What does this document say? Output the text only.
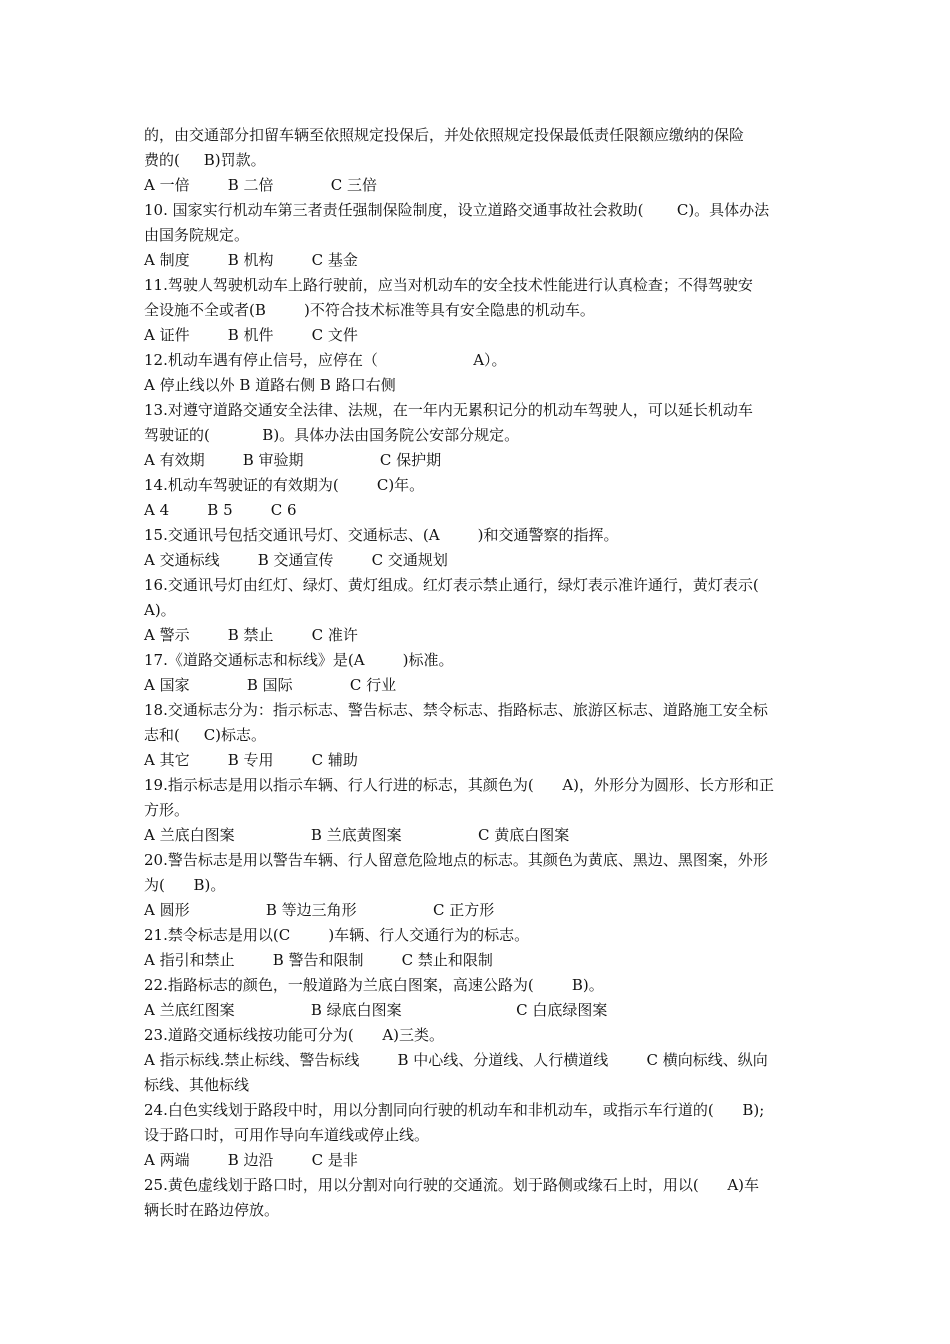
的，由交通部分扣留车辆至依照规定投保后，并处依照规定投保最低责任限额应缴纳的保险
费的(     B)罚款。
A 一倍        B 二倍            C 三倍
10. 国家实行机动车第三者责任强制保险制度，设立道路交通事故社会救助(       C)。具体办法
由国务院规定。
A 制度        B 机构        C 基金
11.驾驶人驾驶机动车上路行驶前，应当对机动车的安全技术性能进行认真检查；不得驾驶安
全设施不全或者(B        )不符合技术标准等具有安全隐患的机动车。
A 证件        B 机件        C 文件
12.机动车遇有停止信号，应停在（                    A）。
A 停止线以外 B 道路右侧 B 路口右侧
13.对遵守道路交通安全法律、法规，在一年内无累积记分的机动车驾驶人，可以延长机动车
驾驶证的(           B)。具体办法由国务院公安部分规定。
A 有效期        B 审验期                C 保护期
14.机动车驾驶证的有效期为(        C)年。
A 4        B 5        C 6
15.交通讯号包括交通讯号灯、交通标志、(A        )和交通警察的指挥。
A 交通标线        B 交通宣传        C 交通规划
16.交通讯号灯由红灯、绿灯、黄灯组成。红灯表示禁止通行，绿灯表示准许通行，黄灯表示(
A)。
A 警示        B 禁止        C 准许
17.《道路交通标志和标线》是(A        )标准。
A 国家            B 国际            C 行业
18.交通标志分为：指示标志、警告标志、禁令标志、指路标志、旅游区标志、道路施工安全标
志和(     C)标志。
A 其它        B 专用        C 辅助
19.指示标志是用以指示车辆、行人行进的标志，其颜色为(      A)，外形分为圆形、长方形和正
方形。
A 兰底白图案                B 兰底黄图案                C 黄底白图案
20.警告标志是用以警告车辆、行人留意危险地点的标志。其颜色为黄底、黑边、黑图案，外形
为(      B)。
A 圆形                B 等边三角形                C 正方形
21.禁令标志是用以(C        )车辆、行人交通行为的标志。
A 指引和禁止        B 警告和限制        C 禁止和限制
22.指路标志的颜色，一般道路为兰底白图案，高速公路为(        B)。
A 兰底红图案                B 绿底白图案                        C 白底绿图案
23.道路交通标线按功能可分为(      A)三类。
A 指示标线.禁止标线、警告标线        B 中心线、分道线、人行横道线        C 横向标线、纵向
标线、其他标线
24.白色实线划于路段中时，用以分割同向行驶的机动车和非机动车，或指示车行道的(      B);
设于路口时，可用作导向车道线或停止线。
A 两端        B 边沿        C 是非
25.黄色虚线划于路口时，用以分割对向行驶的交通流。划于路侧或缘石上时，用以(      A)车
辆长时在路边停放。
